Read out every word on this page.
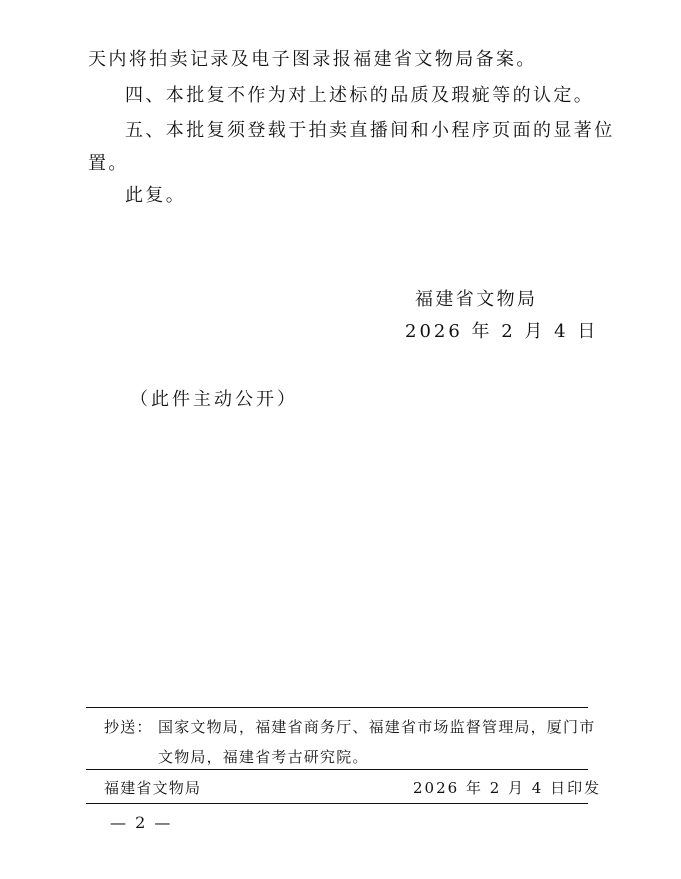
天内将拍卖记录及电子图录报福建省文物局备案。
四、本批复不作为对上述标的品质及瑕疵等的认定。
五、本批复须登载于拍卖直播间和小程序页面的显著位
置。
此复。
福建省文物局
2026 年 2 月 4 日
（此件主动公开）
抄送： 国家文物局，福建省商务厅、福建省市场监督管理局，厦门市
文物局，福建省考古研究院。
福建省文物局	2026 年 2 月 4 日印发
— 2 —
